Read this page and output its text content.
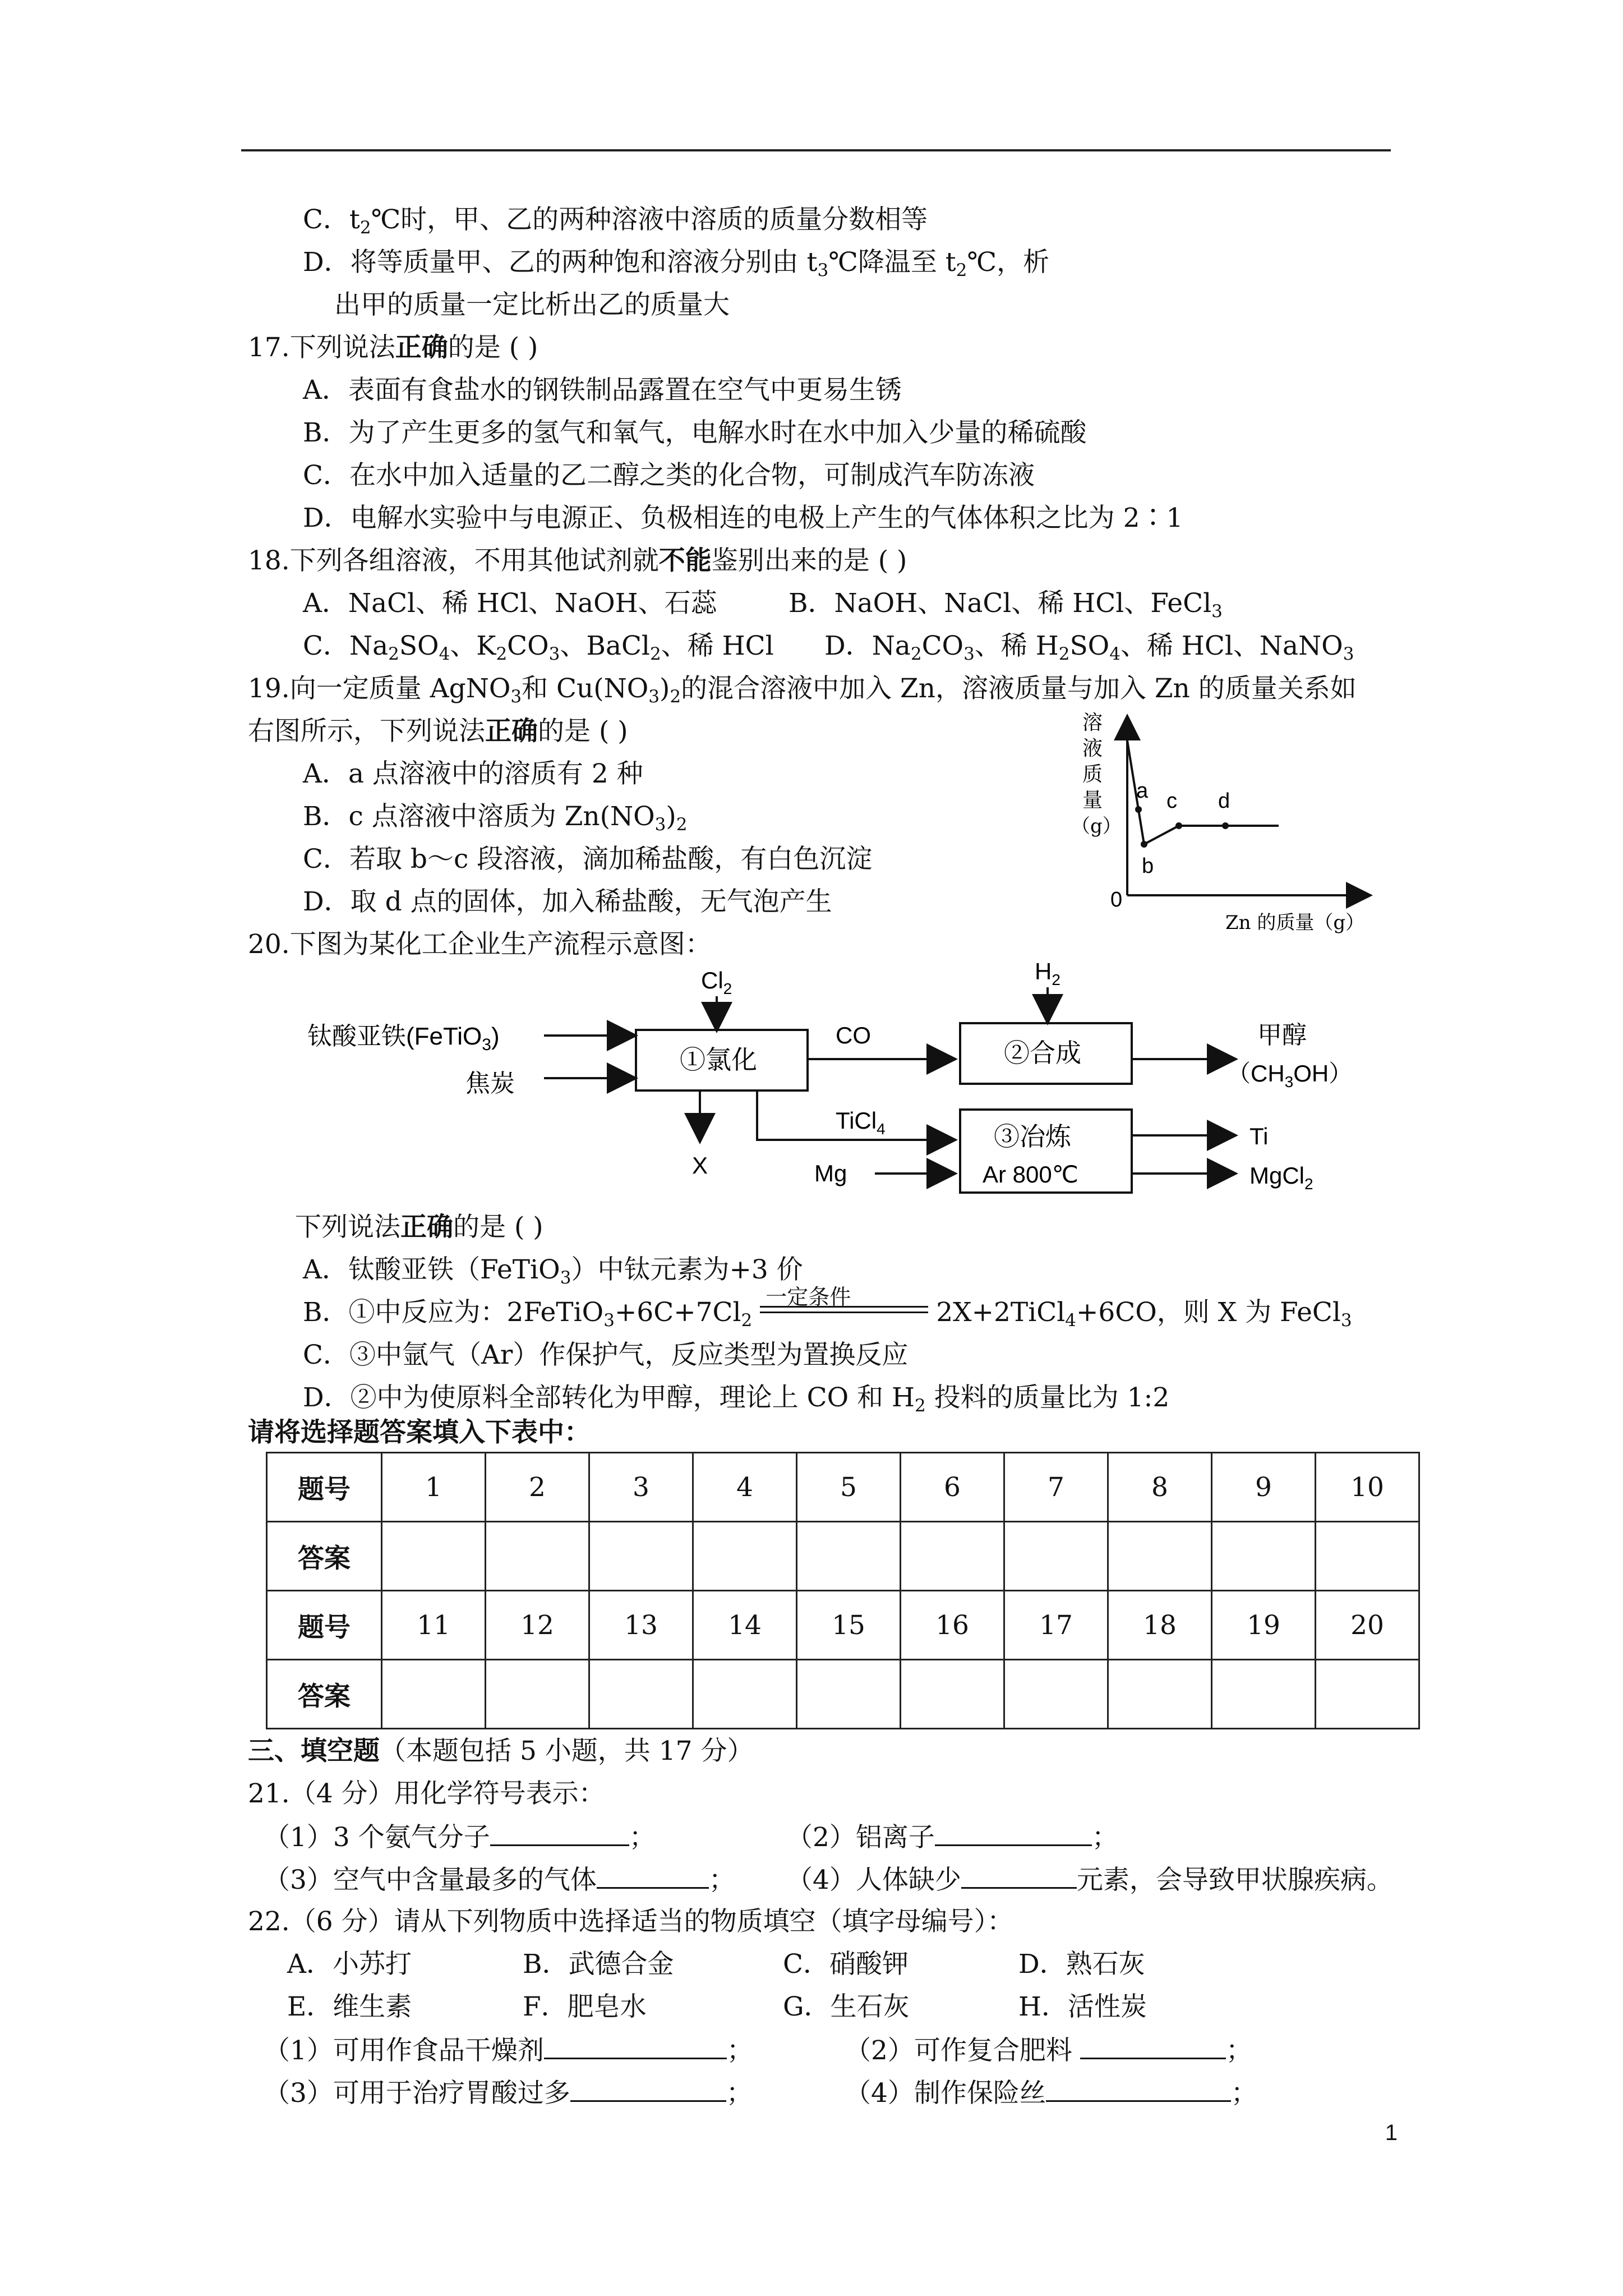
C．$t_2℃$时，甲、乙的两种溶液中溶质的质量分数相等
D．将等质量甲、乙的两种饱和溶液分别由 $t_3℃$降温至 $t_2℃$，析
出甲的质量一定比析出乙的质量大
17.下列说法正确的是 ( )
A．表面有食盐水的钢铁制品露置在空气中更易生锈
B．为了产生更多的氢气和氧气，电解水时在水中加入少量的稀硫酸
C．在水中加入适量的乙二醇之类的化合物，可制成汽车防冻液
D．电解水实验中与电源正、负极相连的电极上产生的气体体积之比为 2∶1
18.下列各组溶液，不用其他试剂就不能鉴别出来的是 ( )
A．NaCl、稀 HCl、NaOH、石蕊	B．NaOH、NaCl、稀 HCl、FeCl$_3$
C．$Na_2SO_4$、$K_2CO_3$、BaCl$_2$、稀 HCl D．$Na_2CO_3$、稀 $H_2SO_4$、稀 HCl、NaNO$_3$
19.向一定质量 AgNO$_3$和 $Cu(NO_3)_2$的混合溶液中加入 Zn，溶液质量与加入 Zn 的质量关系如
右图所示，下列说法正确的是 ( )
A．a 点溶液中的溶质有 2 种
B．c 点溶液中溶质为 $Zn(NO_3)_2$
C．若取 b～c 段溶液，滴加稀盐酸，有白色沉淀
D．取 d 点的固体，加入稀盐酸，无气泡产生
a
b
c d
溶
液
质
量
（g）
0
Zn 的质量（g）
20.下图为某化工企业生产流程示意图：
钛酸亚铁(FeTiO$_3$)
焦炭
$Cl_2$
①氯化
CO
$H_2$
②合成
甲醇
$(CH_3OH)$
X
TiCl$_4$
Mg
③冶炼
Ar 800℃
Ti
MgCl$_2$
下列说法正确的是 ( )
A．钛酸亚铁（FeTiO$_3$）中钛元素为+3 价
B．①中反应为：$2FeTiO_3+6C+7Cl_2$
一定条件	2X+2TiCl$_4$+6CO，则 X 为 FeCl$_3$
C．③中氩气（Ar）作保护气，反应类型为置换反应
D．②中为使原料全部转化为甲醇，理论上 CO 和 $H_2$ 投料的质量比为 1:2
请将选择题答案填入下表中：
题号	1	2	3	4	5	6	7	8	9	10
答案										
题号	11	12	13	14	15	16	17	18	19	20
答案										
三、填空题（本题包括 5 小题，共 17 分）
21.（4 分）用化学符号表示：
（1）3 个氨气分子	；	（2）铝离子	；
（3）空气中含量最多的气体	； （4）人体缺少	元素，会导致甲状腺疾病。
22.（6 分）请从下列物质中选择适当的物质填空（填字母编号）：
A．小苏打	B．武德合金	C．硝酸钾	D．熟石灰
E．维生素	F．肥皂水	G．生石灰	H．活性炭
（1）可用作食品干燥剂	；	（2）可作复合肥料	；
（3）可用于治疗胃酸过多	；	（4）制作保险丝	；
1
